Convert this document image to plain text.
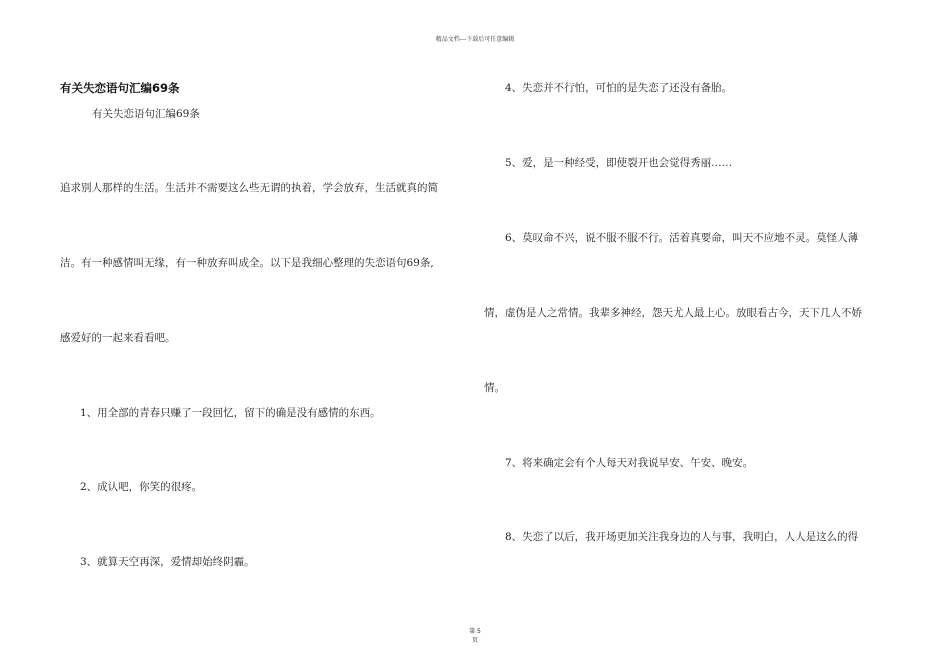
精品文档---下载后可任意编辑
有关失恋语句汇编69条
有关失恋语句汇编69条
追求别人那样的生活。生活并不需要这么些无谓的执着，学会放弃，生活就真的简
洁。有一种感情叫无缘，有一种放弃叫成全。以下是我细心整理的失恋语句69条,
感爱好的一起来看看吧。
1、用全部的青春只赚了一段回忆，留下的确是没有感情的东西。
2、成认吧，你笑的很疼。
3、就算天空再深，爱情却始终阴霾。
4、失恋并不行怕，可怕的是失恋了还没有备胎。
5、爱，是一种经受，即使裂开也会觉得秀丽……
6、莫叹命不兴，说不服不服不行。活着真要命，叫天不应地不灵。莫怪人薄
情，虚伪是人之常情。我辈多神经，怨天尤人最上心。放眼看古今，天下几人不娇
情。
7、将来确定会有个人每天对我说早安、午安、晚安。
8、失恋了以后，我开场更加关注我身边的人与事，我明白，人人是这么的得
第 5
页
